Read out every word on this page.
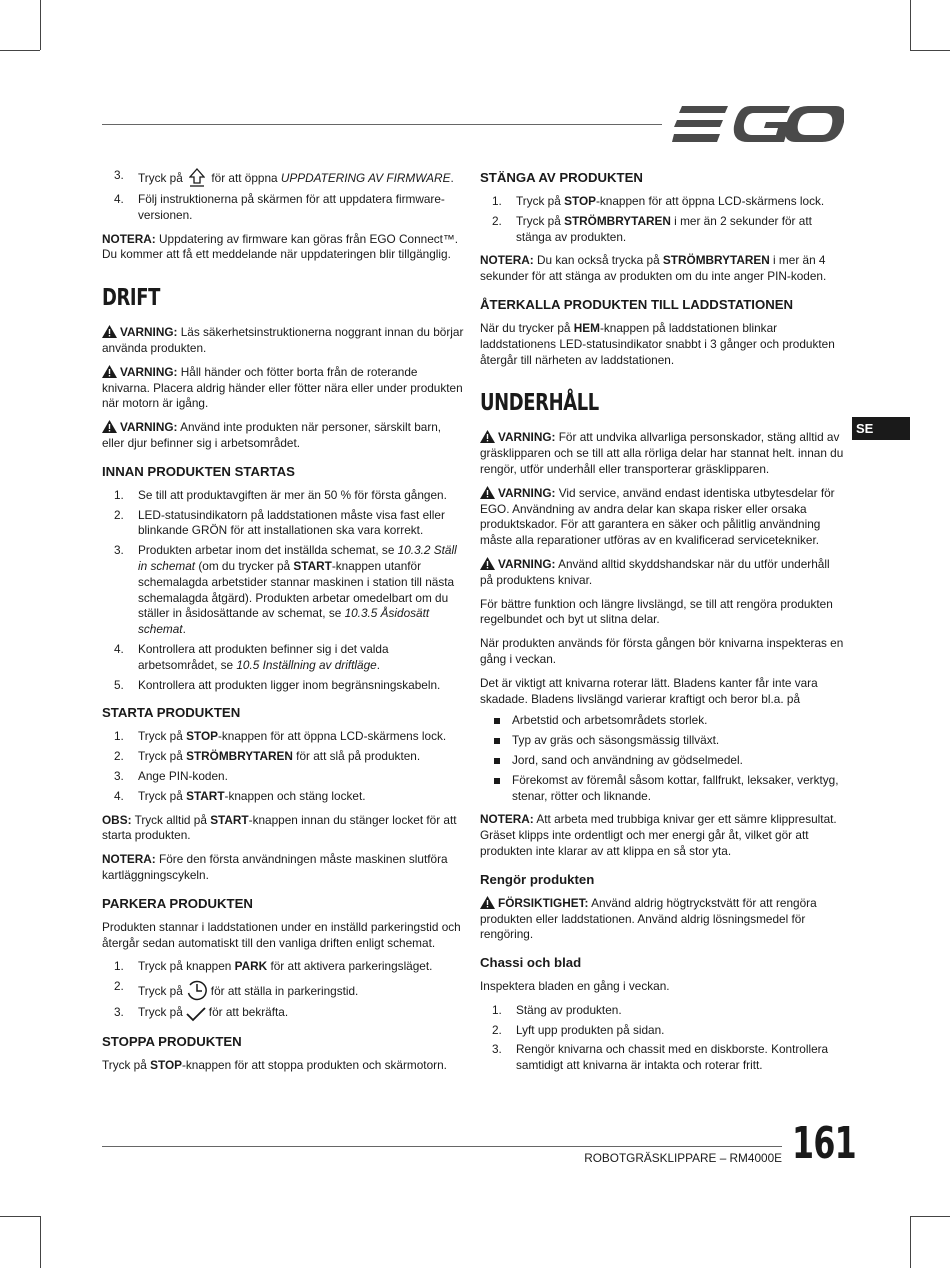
SE
3. Tryck på för att öppna UPPDATERING AV FIRMWARE.
4. Följ instruktionerna på skärmen för att uppdatera firmware-versionen.

NOTERA: Uppdatering av firmware kan göras från EGO Connect™. Du kommer att få ett meddelande när uppdateringen blir tillgänglig.

DRIFT

VARNING: Läs säkerhetsinstruktionerna noggrant innan du börjar använda produkten.

VARNING: Håll händer och fötter borta från de roterande knivarna. Placera aldrig händer eller fötter nära eller under produkten när motorn är igång.

VARNING: Använd inte produkten när personer, särskilt barn, eller djur befinner sig i arbetsområdet.

INNAN PRODUKTEN STARTAS
1. Se till att produktavgiften är mer än 50 % för första gången.
2. LED-statusindikatorn på laddstationen måste visa fast eller blinkande GRÖN för att installationen ska vara korrekt.
3. Produkten arbetar inom det inställda schemat, se 10.3.2 Ställ in schemat (om du trycker på START-knappen utanför schemalagda arbetstider stannar maskinen i station till nästa schemalagda åtgärd). Produkten arbetar omedelbart om du ställer in åsidosättande av schemat, se 10.3.5 Åsidosätt schemat.
4. Kontrollera att produkten befinner sig i det valda arbetsområdet, se 10.5 Inställning av driftläge.
5. Kontrollera att produkten ligger inom begränsningskabeln.
STARTA PRODUKTEN
1. Tryck på STOP-knappen för att öppna LCD-skärmens lock.
2. Tryck på STRÖMBRYTAREN för att slå på produkten.
3. Ange PIN-koden.
4. Tryck på START-knappen och stäng locket.

OBS: Tryck alltid på START-knappen innan du stänger locket för att starta produkten.

NOTERA: Före den första användningen måste maskinen slutföra kartläggningscykeln.

PARKERA PRODUKTEN

Produkten stannar i laddstationen under en inställd parkeringstid och återgår sedan automatiskt till den vanliga driften enligt schemat.

1. Tryck på knappen PARK för att aktivera parkeringsläget.
2. Tryck på för att ställa in parkeringstid.
3. Tryck på för att bekräfta.
STOPPA PRODUKTEN

Tryck på STOP-knappen för att stoppa produkten och skärmotorn.

STÄNGA AV PRODUKTEN
1. Tryck på STOP-knappen för att öppna LCD-skärmens lock.
2. Tryck på STRÖMBRYTAREN i mer än 2 sekunder för att stänga av produkten.

NOTERA: Du kan också trycka på STRÖMBRYTAREN i mer än 4 sekunder för att stänga av produkten om du inte anger PIN-koden.

ÅTERKALLA PRODUKTEN TILL LADDSTATIONEN

När du trycker på HEM-knappen på laddstationen blinkar laddstationens LED-statusindikator snabbt i 3 gånger och produkten återgår till närheten av laddstationen.

UNDERHÅLL

VARNING: För att undvika allvarliga personskador, stäng alltid av gräsklipparen och se till att alla rörliga delar har stannat helt. innan du rengör, utför underhåll eller transporterar gräsklipparen.

VARNING: Vid service, använd endast identiska utbytesdelar för EGO. Användning av andra delar kan skapa risker eller orsaka produktskador. För att garantera en säker och pålitlig användning måste alla reparationer utföras av en kvalificerad servicetekniker.

VARNING: Använd alltid skyddshandskar när du utför underhåll på produktens knivar.

För bättre funktion och längre livslängd, se till att rengöra produkten regelbundet och byt ut slitna delar.

När produkten används för första gången bör knivarna inspekteras en gång i veckan.

Det är viktigt att knivarna roterar lätt. Bladens kanter får inte vara skadade. Bladens livslängd varierar kraftigt och beror bl.a. på

Arbetstid och arbetsområdets storlek.
Typ av gräs och säsongsmässig tillväxt.
Jord, sand och användning av gödselmedel.
Förekomst av föremål såsom kottar, fallfrukt, leksaker, verktyg, stenar, rötter och liknande.

NOTERA: Att arbeta med trubbiga knivar ger ett sämre klippresultat. Gräset klipps inte ordentligt och mer energi går åt, vilket gör att produkten inte klarar av att klippa en så stor yta.

Rengör produkten

FÖRSIKTIGHET: Använd aldrig högtryckstvätt för att rengöra produkten eller laddstationen. Använd aldrig lösningsmedel för rengöring.

Chassi och blad

Inspektera bladen en gång i veckan.

1. Stäng av produkten.
2. Lyft upp produkten på sidan.
3. Rengör knivarna och chassit med en diskborste. Kontrollera samtidigt att knivarna är intakta och roterar fritt.
ROBOTGRÄSKLIPPARE – RM4000E 161
